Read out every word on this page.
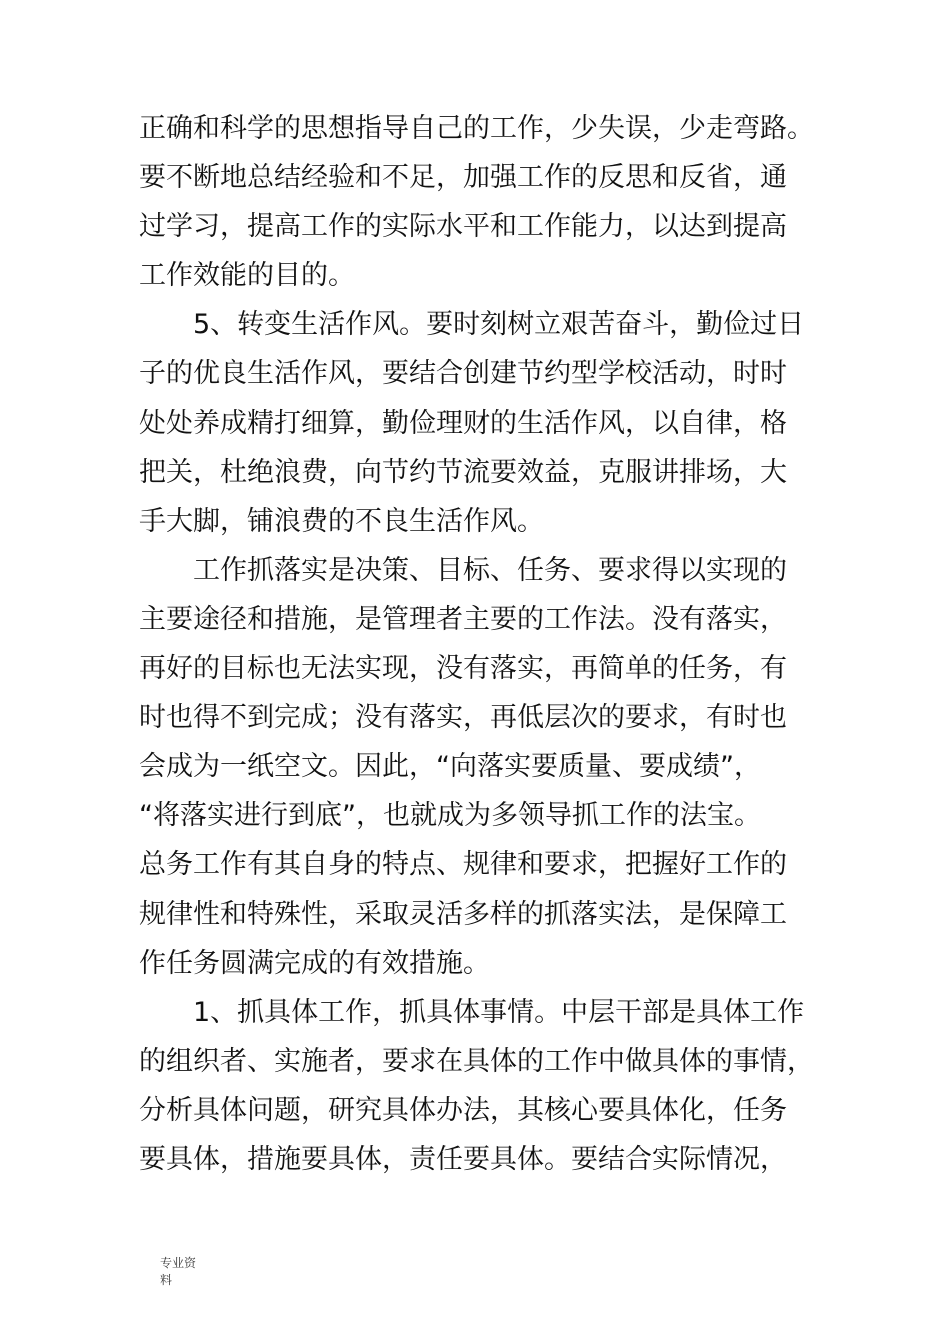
正确和科学的思想指导自己的工作，少失误，少走弯路。
要不断地总结经验和不足，加强工作的反思和反省，通
过学习，提高工作的实际水平和工作能力，以达到提高
工作效能的目的。
　　5、转变生活作风。要时刻树立艰苦奋斗，勤俭过日
子的优良生活作风，要结合创建节约型学校活动，时时
处处养成精打细算，勤俭理财的生活作风，以自律，格
把关，杜绝浪费，向节约节流要效益，克服讲排场，大
手大脚，铺浪费的不良生活作风。
　　工作抓落实是决策、目标、任务、要求得以实现的
主要途径和措施，是管理者主要的工作法。没有落实，
再好的目标也无法实现，没有落实，再简单的任务，有
时也得不到完成；没有落实，再低层次的要求，有时也
会成为一纸空文。因此，“向落实要质量、要成绩”，
“将落实进行到底”，也就成为多领导抓工作的法宝。
总务工作有其自身的特点、规律和要求，把握好工作的
规律性和特殊性，采取灵活多样的抓落实法，是保障工
作任务圆满完成的有效措施。
　　1、抓具体工作，抓具体事情。中层干部是具体工作
的组织者、实施者，要求在具体的工作中做具体的事情，
分析具体问题，研究具体办法，其核心要具体化，任务
要具体，措施要具体，责任要具体。要结合实际情况，
专业资
料
